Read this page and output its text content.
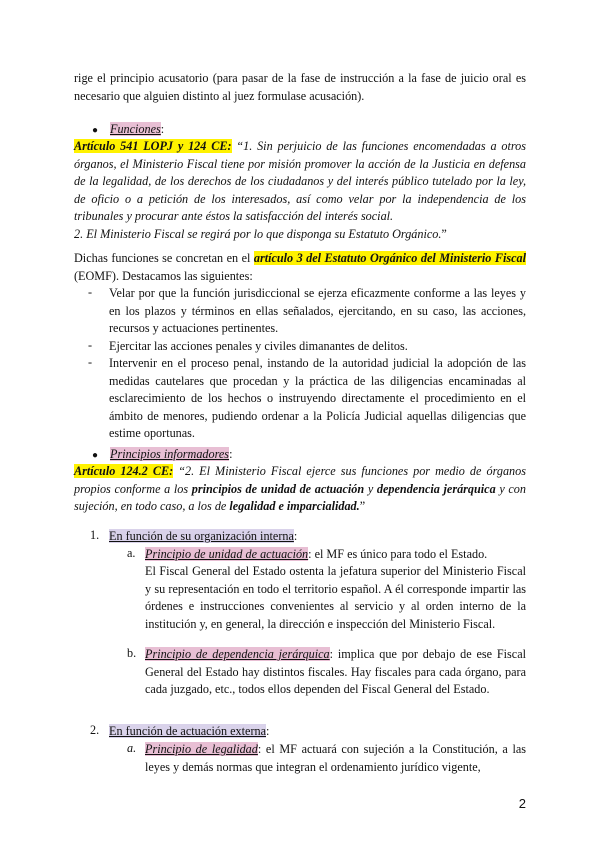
rige el principio acusatorio (para pasar de la fase de instrucción a la fase de juicio oral es necesario que alguien distinto al juez formulase acusación).

● Funciones:

Artículo 541 LOPJ y 124 CE: “1. Sin perjuicio de las funciones encomendadas a otros órganos, el Ministerio Fiscal tiene por misión promover la acción de la Justicia en defensa de la legalidad, de los derechos de los ciudadanos y del interés público tutelado por la ley, de oficio o a petición de los interesados, así como velar por la independencia de los tribunales y procurar ante éstos la satisfacción del interés social.
2. El Ministerio Fiscal se regirá por lo que disponga su Estatuto Orgánico.”

Dichas funciones se concretan en el artículo 3 del Estatuto Orgánico del Ministerio Fiscal (EOMF). Destacamos las siguientes:

- Velar por que la función jurisdiccional se ejerza eficazmente conforme a las leyes y en los plazos y términos en ellas señalados, ejercitando, en su caso, las acciones, recursos y actuaciones pertinentes.

- Ejercitar las acciones penales y civiles dimanantes de delitos.

- Intervenir en el proceso penal, instando de la autoridad judicial la adopción de las medidas cautelares que procedan y la práctica de las diligencias encaminadas al esclarecimiento de los hechos o instruyendo directamente el procedimiento en el ámbito de menores, pudiendo ordenar a la Policía Judicial aquellas diligencias que estime oportunas.

● Principios informadores:

Artículo 124.2 CE: “2. El Ministerio Fiscal ejerce sus funciones por medio de órganos propios conforme a los principios de unidad de actuación y dependencia jerárquica y con sujeción, en todo caso, a los de legalidad e imparcialidad.”

1. En función de su organización interna:

a. Principio de unidad de actuación: el MF es único para todo el Estado.

El Fiscal General del Estado ostenta la jefatura superior del Ministerio Fiscal y su representación en todo el territorio español. A él corresponde impartir las órdenes e instrucciones convenientes al servicio y al orden interno de la institución y, en general, la dirección e inspección del Ministerio Fiscal.

b. Principio de dependencia jerárquica: implica que por debajo de ese Fiscal General del Estado hay distintos fiscales. Hay fiscales para cada órgano, para cada juzgado, etc., todos ellos dependen del Fiscal General del Estado.

2. En función de actuación externa:

a. Principio de legalidad: el MF actuará con sujeción a la Constitución, a las leyes y demás normas que integran el ordenamiento jurídico vigente,

2
